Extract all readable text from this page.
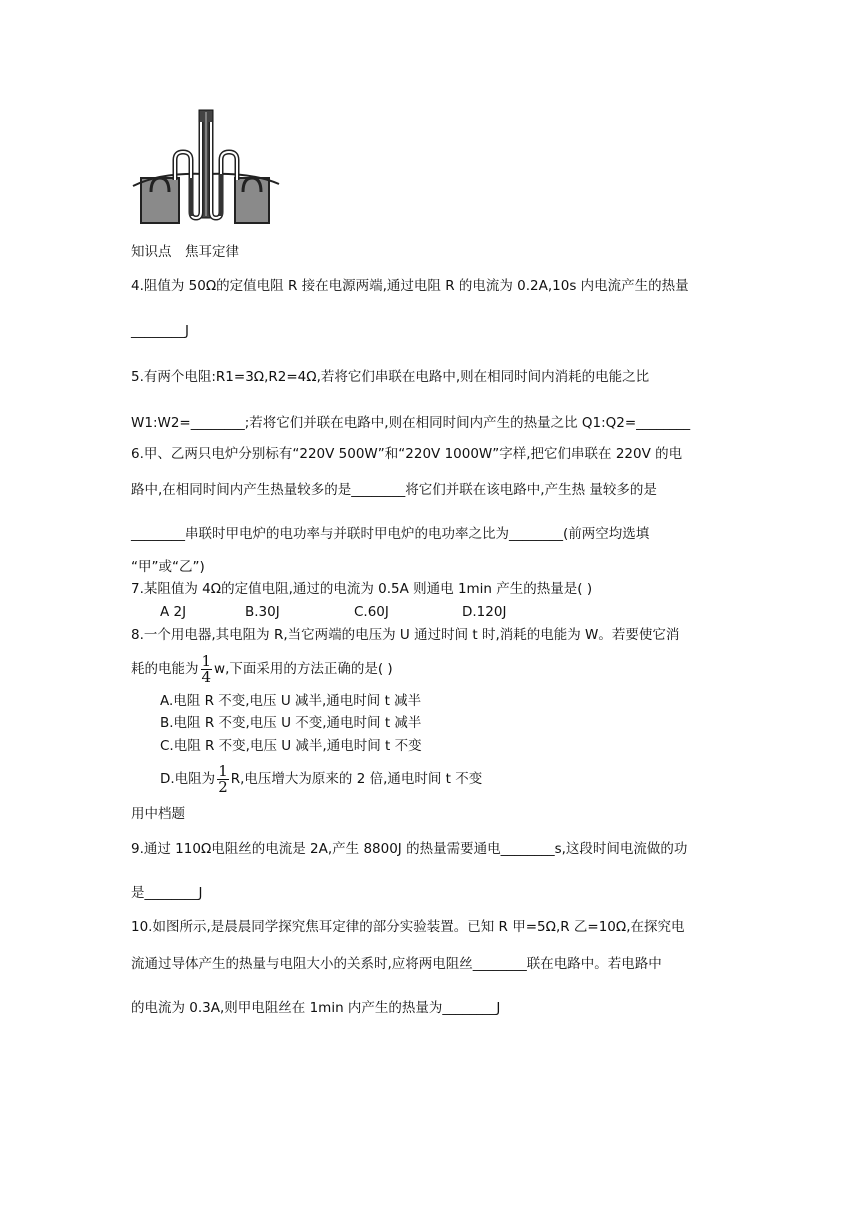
知识点　焦耳定律
4.阻值为 50Ω的定值电阻 R 接在电源两端,通过电阻 R 的电流为 0.2A,10s 内电流产生的热量
________J
5.有两个电阻:R1=3Ω,R2=4Ω,若将它们串联在电路中,则在相同时间内消耗的电能之比
W1:W2=________;若将它们并联在电路中,则在相同时间内产生的热量之比 Q1:Q2=________
6.甲、乙两只电炉分别标有“220V 500W”和“220V 1000W”字样,把它们串联在 220V 的电
路中,在相同时间内产生热量较多的是________将它们并联在该电路中,产生热 量较多的是
________串联时甲电炉的电功率与并联时甲电炉的电功率之比为________(前两空均选填
“甲”或“乙”)
7.某阻值为 4Ω的定值电阻,通过的电流为 0.5A 则通电 1min 产生的热量是( )
A 2J	B.30J	C.60J	D.120J
8.一个用电器,其电阻为 R,当它两端的电压为 U 通过时间 t 时,消耗的电能为 W。若要使它消
耗的电能为 $\frac{1}{4} w$,下面采用的方法正确的是( )
A.电阻 R 不变,电压 U 减半,通电时间 t 减半
B.电阻 R 不变,电压 U 不变,通电时间 t 减半
C.电阻 R 不变,电压 U 减半,通电时间 t 不变
D.电阻为 $\frac{1}{2} R$,电压增大为原来的 2 倍,通电时间 t 不变
用中档题
9.通过 110Ω电阻丝的电流是 2A,产生 8800J 的热量需要通电________s,这段时间电流做的功
是________J
10.如图所示,是晨晨同学探究焦耳定律的部分实验装置。已知 R 甲=5Ω,R 乙=10Ω,在探究电
流通过导体产生的热量与电阻大小的关系时,应将两电阻丝________联在电路中。若电路中
的电流为 0.3A,则甲电阻丝在 1min 内产生的热量为________J
